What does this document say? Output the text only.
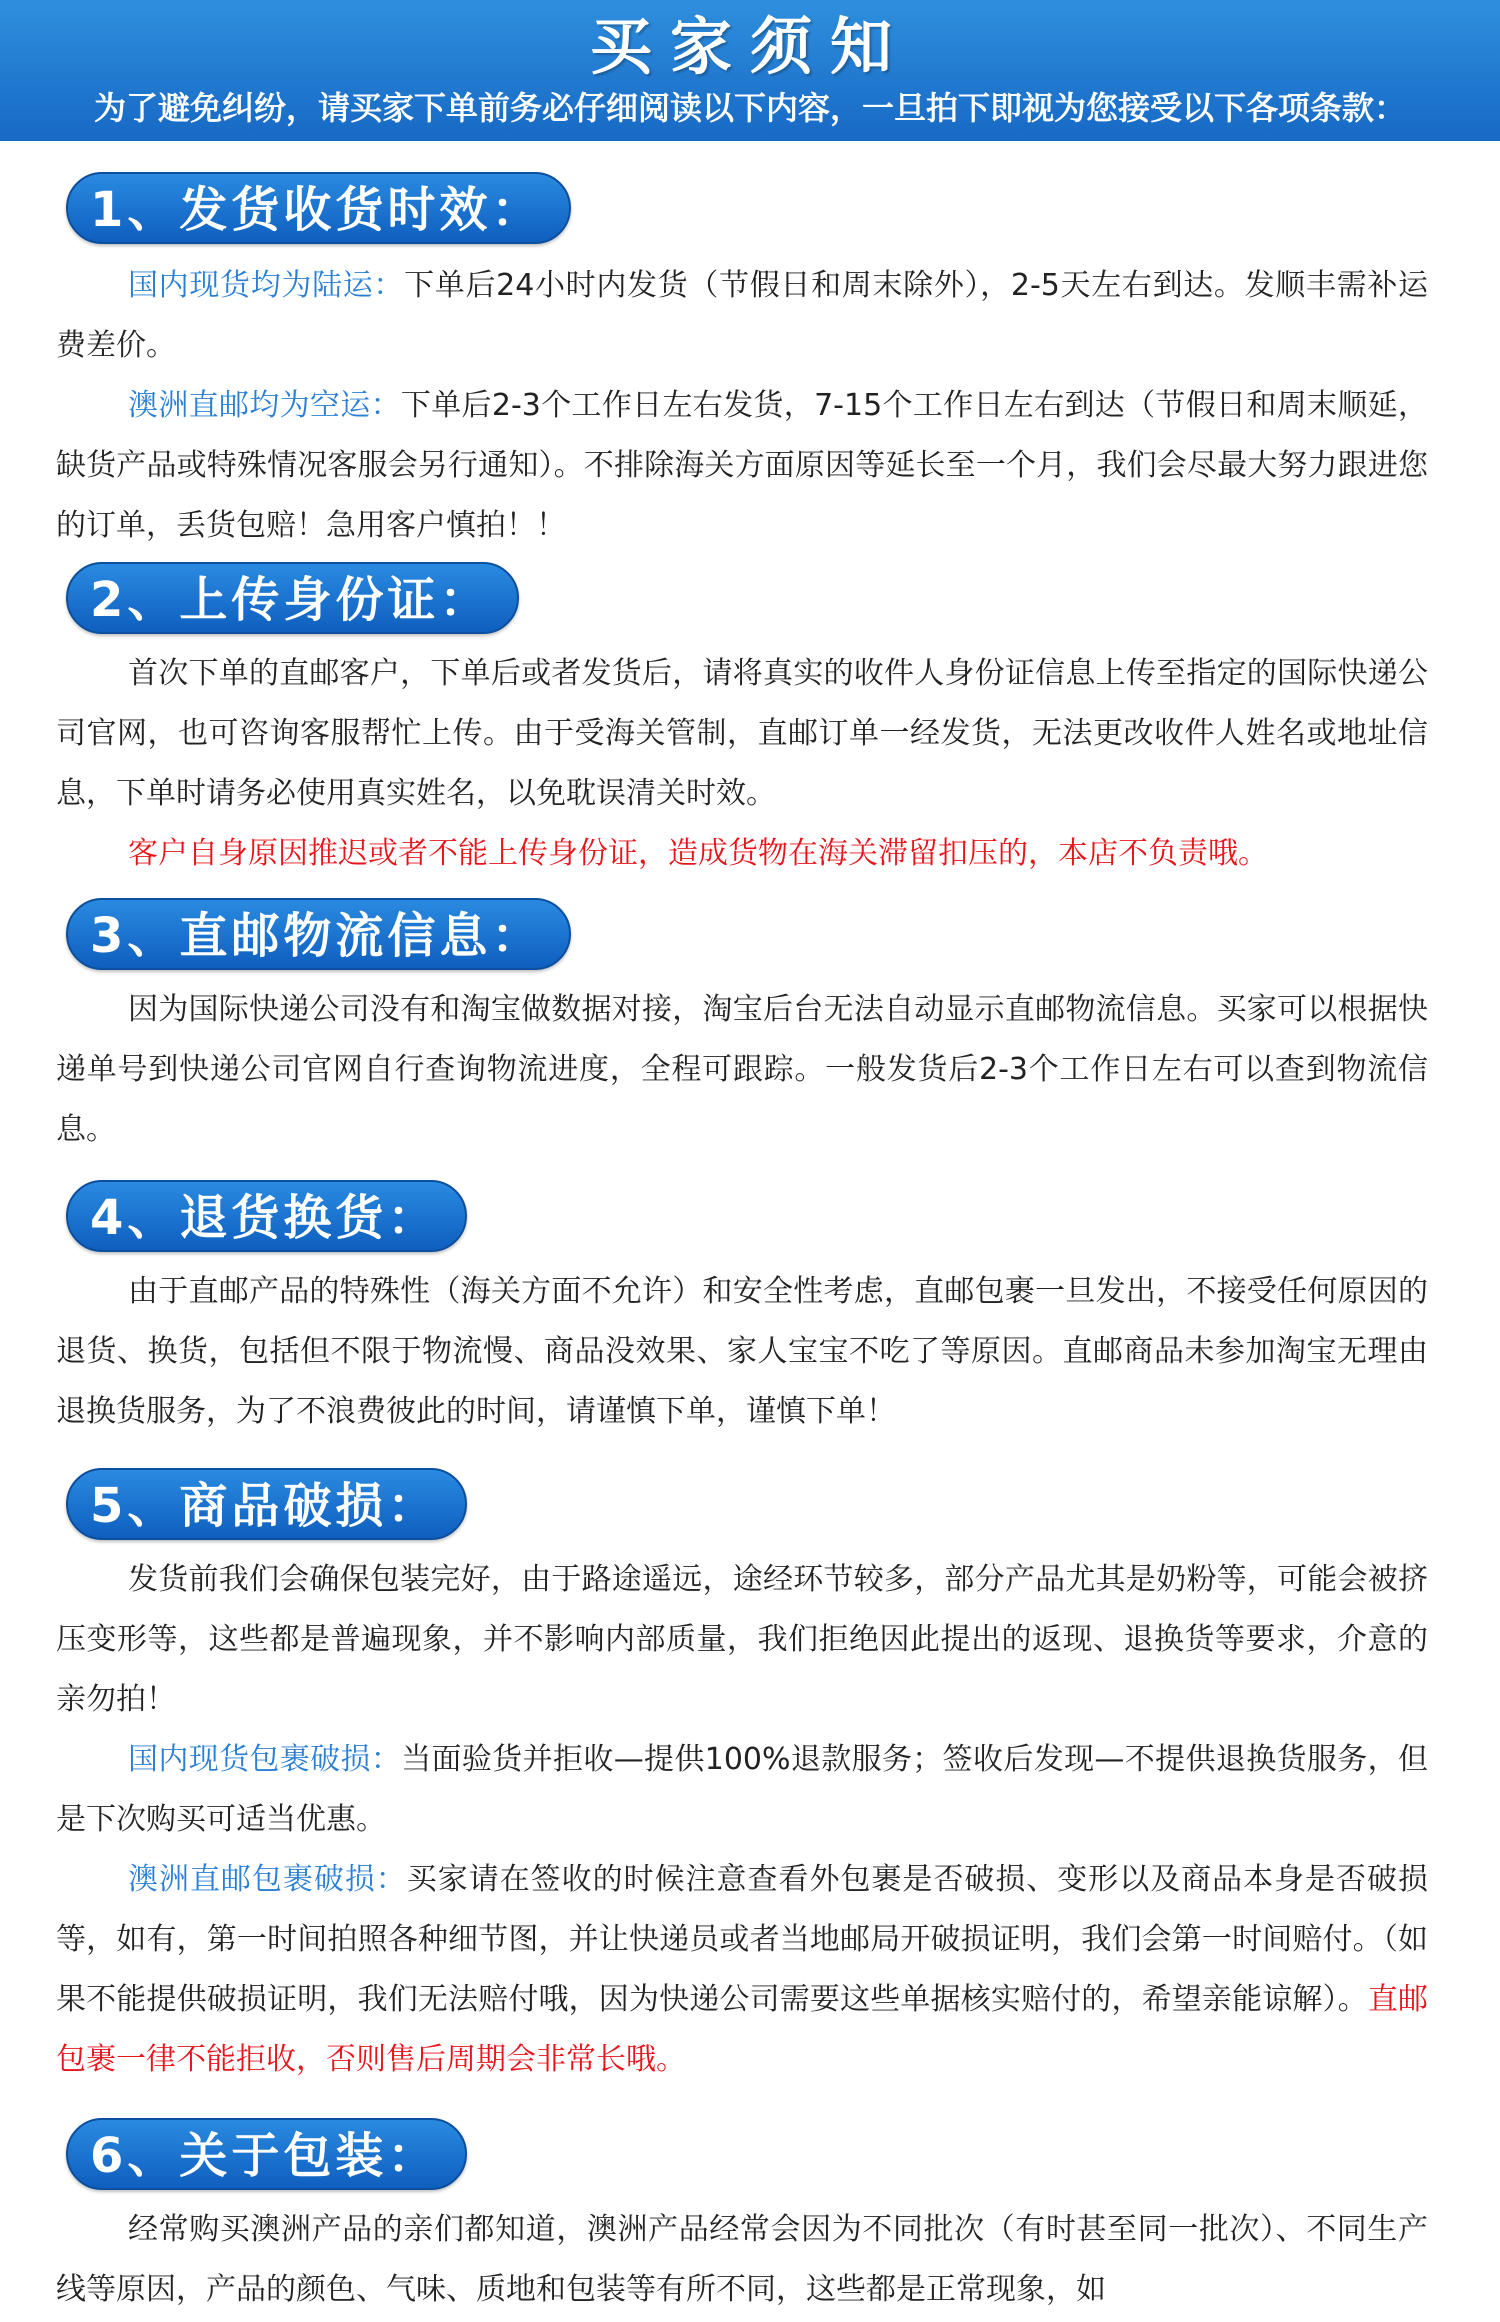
买家须知
为了避免纠纷，请买家下单前务必仔细阅读以下内容，一旦拍下即视为您接受以下各项条款：
1、发货收货时效：
国内现货均为陆运：下单后24小时内发货（节假日和周末除外），2-5天左右到达。发顺丰需补运费差价。
澳洲直邮均为空运：下单后2-3个工作日左右发货，7-15个工作日左右到达（节假日和周末顺延，缺货产品或特殊情况客服会另行通知）。不排除海关方面原因等延长至一个月，我们会尽最大努力跟进您的订单，丢货包赔！急用客户慎拍！！
2、上传身份证：
首次下单的直邮客户，下单后或者发货后，请将真实的收件人身份证信息上传至指定的国际快递公司官网，也可咨询客服帮忙上传。由于受海关管制，直邮订单一经发货，无法更改收件人姓名或地址信息，下单时请务必使用真实姓名，以免耽误清关时效。
客户自身原因推迟或者不能上传身份证，造成货物在海关滞留扣压的，本店不负责哦。
3、直邮物流信息：
因为国际快递公司没有和淘宝做数据对接，淘宝后台无法自动显示直邮物流信息。买家可以根据快递单号到快递公司官网自行查询物流进度，全程可跟踪。一般发货后2-3个工作日左右可以查到物流信息。
4、退货换货：
由于直邮产品的特殊性（海关方面不允许）和安全性考虑，直邮包裹一旦发出，不接受任何原因的退货、换货，包括但不限于物流慢、商品没效果、家人宝宝不吃了等原因。直邮商品未参加淘宝无理由退换货服务，为了不浪费彼此的时间，请谨慎下单，谨慎下单！
5、商品破损：
发货前我们会确保包装完好，由于路途遥远，途经环节较多，部分产品尤其是奶粉等，可能会被挤压变形等，这些都是普遍现象，并不影响内部质量，我们拒绝因此提出的返现、退换货等要求，介意的亲勿拍！
国内现货包裹破损：当面验货并拒收—提供100%退款服务；签收后发现—不提供退换货服务，但是下次购买可适当优惠。
澳洲直邮包裹破损：买家请在签收的时候注意查看外包裹是否破损、变形以及商品本身是否破损等，如有，第一时间拍照各种细节图，并让快递员或者当地邮局开破损证明，我们会第一时间赔付。（如果不能提供破损证明，我们无法赔付哦，因为快递公司需要这些单据核实赔付的，希望亲能谅解）。直邮包裹一律不能拒收，否则售后周期会非常长哦。
6、关于包装：
经常购买澳洲产品的亲们都知道，澳洲产品经常会因为不同批次（有时甚至同一批次）、不同生产线等原因，产品的颜色、气味、质地和包装等有所不同，这些都是正常现象，如
